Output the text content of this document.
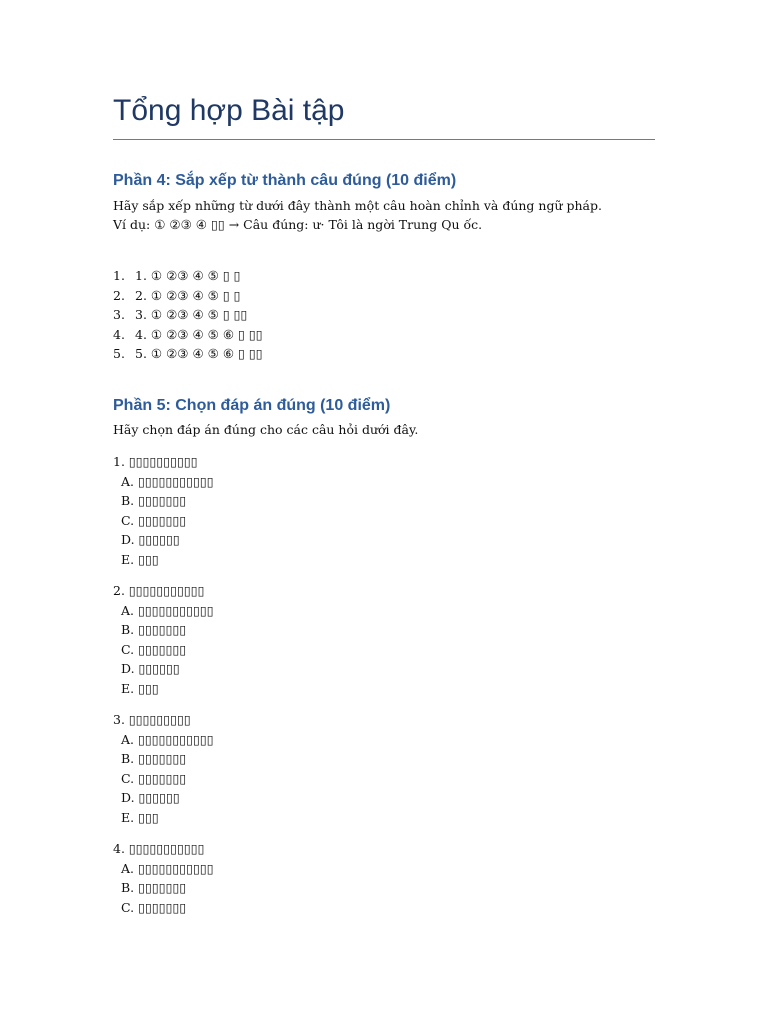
Tổng hợp Bài tập
Phần 4: Sắp xếp từ thành câu đúng (10 điểm)
Hãy sắp xếp những từ dưới đây thành một câu hoàn chỉnh và đúng ngữ pháp.
Ví dụ: ① ②③ ④ ▯▯ → Câu đúng: ư· Tôi là ngời Trung Qu ốc.
1. 1. ① ②③ ④ ⑤ ▯ ▯
2. 2. ① ②③ ④ ⑤ ▯ ▯
3. 3. ① ②③ ④ ⑤ ▯ ▯▯
4. 4. ① ②③ ④ ⑤ ⑥ ▯ ▯▯
5. 5. ① ②③ ④ ⑤ ⑥ ▯ ▯▯
Phần 5: Chọn đáp án đúng (10 điểm)
Hãy chọn đáp án đúng cho các câu hỏi dưới đây.
1. ▯▯▯▯▯▯▯▯▯▯
A. ▯▯▯▯▯▯▯▯▯▯▯
B. ▯▯▯▯▯▯▯
C. ▯▯▯▯▯▯▯
D. ▯▯▯▯▯▯
E. ▯▯▯
2. ▯▯▯▯▯▯▯▯▯▯▯
A. ▯▯▯▯▯▯▯▯▯▯▯
B. ▯▯▯▯▯▯▯
C. ▯▯▯▯▯▯▯
D. ▯▯▯▯▯▯
E. ▯▯▯
3. ▯▯▯▯▯▯▯▯▯
A. ▯▯▯▯▯▯▯▯▯▯▯
B. ▯▯▯▯▯▯▯
C. ▯▯▯▯▯▯▯
D. ▯▯▯▯▯▯
E. ▯▯▯
4. ▯▯▯▯▯▯▯▯▯▯▯
A. ▯▯▯▯▯▯▯▯▯▯▯
B. ▯▯▯▯▯▯▯
C. ▯▯▯▯▯▯▯
